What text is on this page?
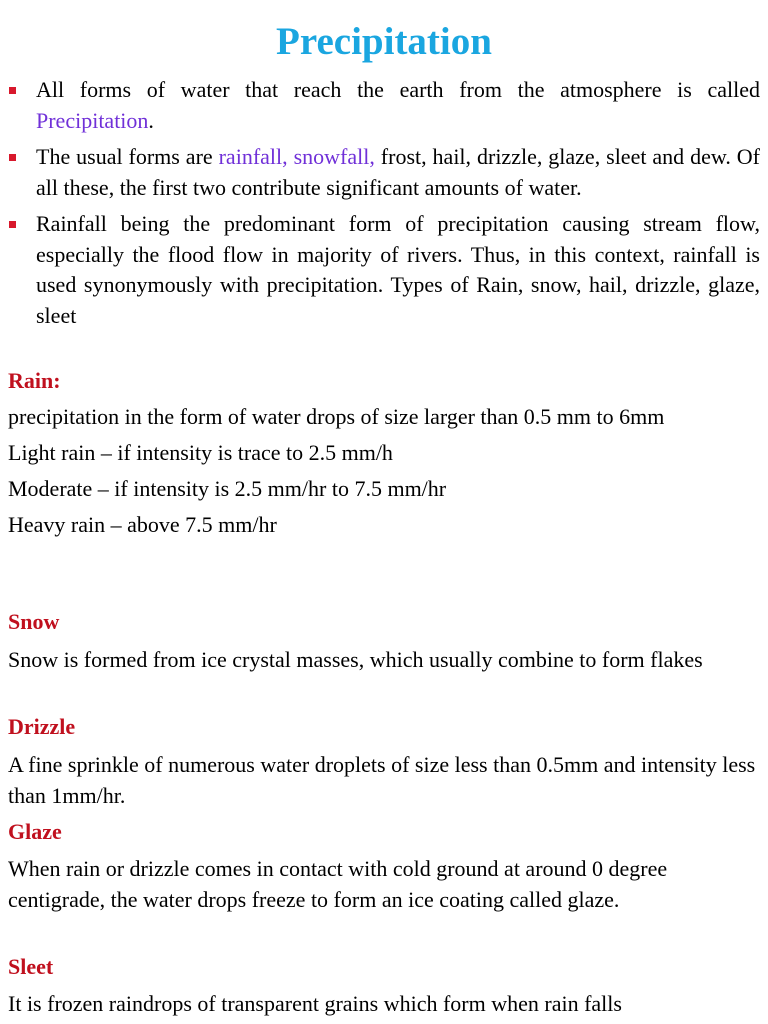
Precipitation
All forms of water that reach the earth from the atmosphere is called Precipitation.
The usual forms are rainfall, snowfall, frost, hail, drizzle, glaze, sleet and dew. Of all these, the first two contribute significant amounts of water.
Rainfall being the predominant form of precipitation causing stream flow, especially the flood flow in majority of rivers. Thus, in this context, rainfall is used synonymously with precipitation. Types of Rain, snow, hail, drizzle, glaze, sleet
Rain:

precipitation in the form of water drops of size larger than 0.5 mm to 6mm

Light rain – if intensity is trace to 2.5 mm/h

Moderate – if intensity is 2.5 mm/hr to 7.5 mm/hr

Heavy rain – above 7.5 mm/hr

Snow

Snow is formed from ice crystal masses, which usually combine to form flakes

Drizzle

A fine sprinkle of numerous water droplets of size less than 0.5mm and intensity less than 1mm/hr.

Glaze

When rain or drizzle comes in contact with cold ground at around 0 degree centigrade, the water drops freeze to form an ice coating called glaze.

Sleet

It is frozen raindrops of transparent grains which form when rain falls
